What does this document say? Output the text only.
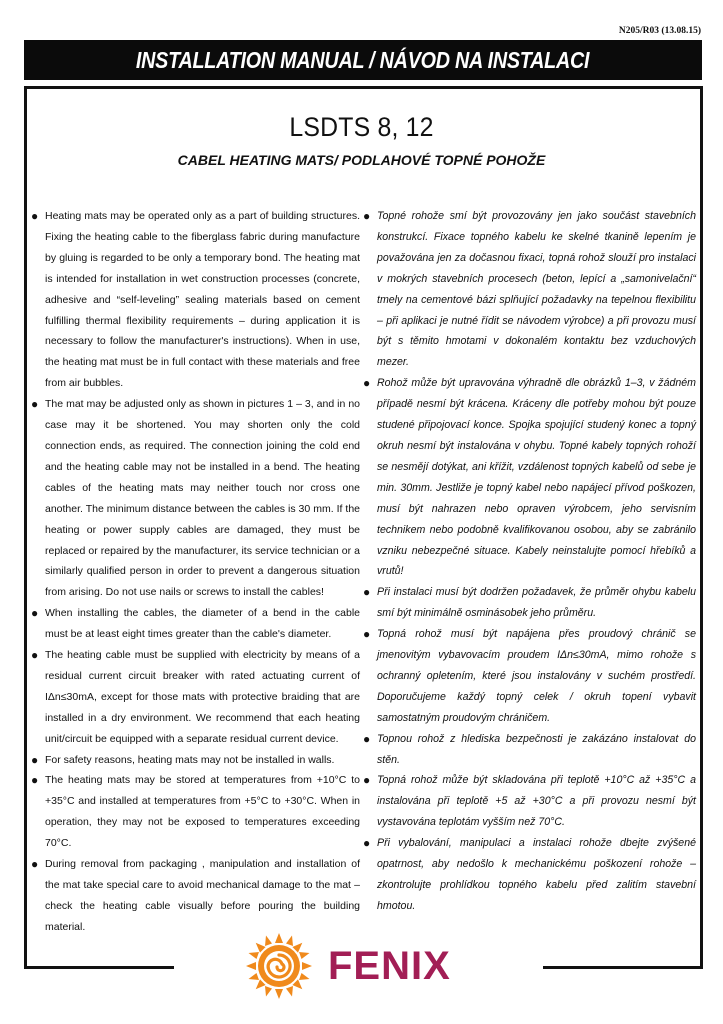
N205/R03 (13.08.15)
INSTALLATION MANUAL / NÁVOD NA INSTALACI
LSDTS 8, 12
CABEL HEATING MATS/ PODLAHOVÉ TOPNÉ POHOŽE
● Heating mats may be operated only as a part of building structures. Fixing the heating cable to the fiberglass fabric during manufacture by gluing is regarded to be only a temporary bond. The heating mat is intended for installation in wet construction processes (concrete, adhesive and “self-leveling” sealing materials based on cement fulfilling thermal flexibility requirements – during application it is necessary to follow the manufacturer's instructions). When in use, the heating mat must be in full contact with these materials and free from air bubbles.
● The mat may be adjusted only as shown in pictures 1 – 3, and in no case may it be shortened. You may shorten only the cold connection ends, as required. The connection joining the cold end and the heating cable may not be installed in a bend. The heating cables of the heating mats may neither touch nor cross one another. The minimum distance between the cables is 30 mm. If the heating or power supply cables are damaged, they must be replaced or repaired by the manufacturer, its service technician or a similarly qualified person in order to prevent a dangerous situation from arising. Do not use nails or screws to install the cables!
● When installing the cables, the diameter of a bend in the cable must be at least eight times greater than the cable's diameter.
● The heating cable must be supplied with electricity by means of a residual current circuit breaker with rated actuating current of IΔn≤30mA, except for those mats with protective braiding that are installed in a dry environment. We recommend that each heating unit/circuit be equipped with a separate residual current device.
● For safety reasons, heating mats may not be installed in walls.
● The heating mats may be stored at temperatures from +10°C to +35°C and installed at temperatures from +5°C to +30°C. When in operation, they may not be exposed to temperatures exceeding 70°C.
● During removal from packaging , manipulation and installation of the mat take special care to avoid mechanical damage to the mat – check the heating cable visually before pouring the building material.
● Topné rohože smí být provozovány jen jako součást stavebních konstrukcí. Fixace topného kabelu ke skelné tkanině lepením je považována jen za dočasnou fixaci, topná rohož slouží pro instalaci v mokrých stavebních procesech (beton, lepící a „samonivelační“ tmely na cementové bázi splňující požadavky na tepelnou flexibilitu – při aplikaci je nutné řídit se návodem výrobce) a při provozu musí být s těmito hmotami v dokonalém kontaktu bez vzduchových mezer.
● Rohož může být upravována výhradně dle obrázků 1–3, v žádném případě nesmí být krácena. Kráceny dle potřeby mohou být pouze studené připojovací konce. Spojka spojující studený konec a topný okruh nesmí být instalována v ohybu. Topné kabely topných rohoží se nesmějí dotýkat, ani křížit, vzdálenost topných kabelů od sebe je min. 30mm. Jestliže je topný kabel nebo napájecí přívod poškozen, musí být nahrazen nebo opraven výrobcem, jeho servisním technikem nebo podobně kvalifikovanou osobou, aby se zabránilo vzniku nebezpečné situace. Kabely neinstalujte pomocí hřebíků a vrutů!
● Při instalaci musí být dodržen požadavek, že průměr ohybu kabelu smí být minimálně osminásobek jeho průměru.
● Topná rohož musí být napájena přes proudový chránič se jmenovitým vybavovacím proudem IΔn≤30mA, mimo rohože s ochranný opletením, které jsou instalovány v suchém prostředí. Doporučujeme každý topný celek / okruh topení vybavit samostatným proudovým chráničem.
● Topnou rohož z hlediska bezpečnosti je zakázáno instalovat do stěn.
● Topná rohož může být skladována při teplotě +10°C až +35°C a instalována při teplotě +5 až +30°C a při provozu nesmí být vystavována teplotám vyšším než 70°C.
● Při vybalování, manipulaci a instalaci rohože dbejte zvýšené opatrnost, aby nedošlo k mechanickému poškození rohože – zkontrolujte prohlídkou topného kabelu před zalitím stavební hmotou.
FENIX
